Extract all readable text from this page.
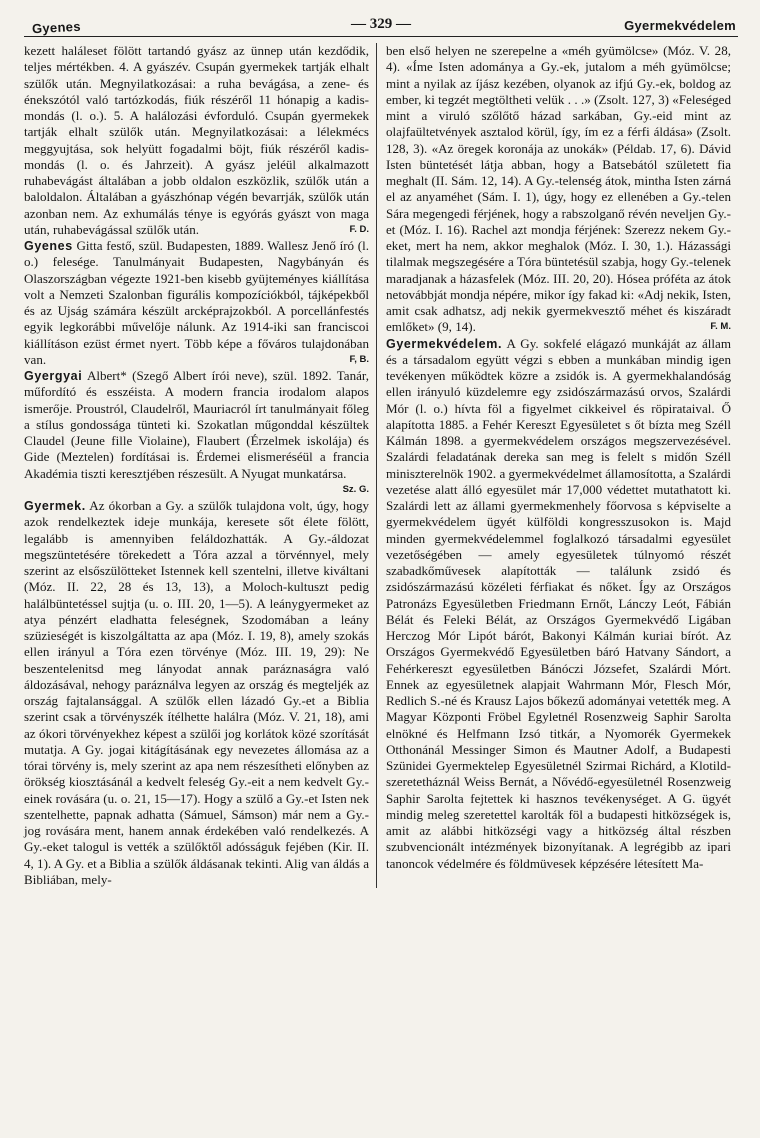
Gyenes	— 329 —	Gyermekvédelem

kezett haláleset fölött tartandó gyász az ünnep után kezdődik, teljes mértékben. 4. A gyászév. Csupán gyermekek tartják elhalt szülők után. Megnyilatkozásai: a ruha bevágása, a zene- és énekszótól való tartózkodás, fiúk részéről 11 hónapig a kadis-mondás (l. o.). 5. A halálozási évforduló. Csupán gyermekek tartják elhalt szülők után. Megnyilatkozásai: a lélekmécs meggyujtása, sok helyütt fogadalmi böjt, fiúk részéről kadis-mondás (l. o. és Jahrzeit). A gyász jeléül alkalmazott ruhabevágást általában a jobb oldalon eszközlik, szülők után a baloldalon. Általában a gyászhónap végén bevarrják, szülők után azonban nem. Az exhumálás ténye is egyórás gyászt von maga után, ruhabevágással szülők után.	F. D.

Gyenes Gitta festő, szül. Budapesten, 1889. Wallesz Jenő író (l. o.) felesége. Tanulmányait Budapesten, Nagybányán és Olaszországban végezte 1921-ben kisebb gyüjteményes kiállítása volt a Nemzeti Szalonban figurális kompozíciókból, tájképekből és az Ujság számára készült arcképrajzokból. A porcellánfestés egyik legkorábbi művelője nálunk. Az 1914-iki san franciscoi kiállításon ezüst érmet nyert. Több képe a főváros tulajdonában van.	F, B.

Gyergyai Albert* (Szegő Albert írói neve), szül. 1892. Tanár, műfordító és esszéista. A modern francia irodalom alapos ismerője. Proustról, Claudelről, Mauriacról írt tanulmányait főleg a stílus gondossága tünteti ki. Szokatlan műgonddal készültek Claudel (Jeune fille Violaine), Flaubert (Érzelmek iskolája) és Gide (Meztelen) fordításai is. Érdemei elismeréséül a francia Akadémia tiszti keresztjében részesült. A Nyugat munkatársa.
Sz. G.

Gyermek. Az ókorban a Gy. a szülők tulajdona volt, úgy, hogy azok rendelkeztek ideje munkája, keresete sőt élete fölött, legalább is amennyiben feláldozhatták. A Gy.-áldozat megszüntetésére törekedett a Tóra azzal a törvénnyel, mely szerint az elsőszülötteket Istennek kell szentelni, illetve kiváltani (Móz. II. 22, 28 és 13, 13), a Moloch-kultuszt pedig halálbüntetéssel sujtja (u. o. III. 20, 1—5). A leánygyermeket az atya pénzért eladhatta feleségnek, Szodomában a leány szüzieségét is kiszolgáltatta az apa (Móz. I. 19, 8), amely szokás ellen irányul a Tóra ezen törvénye (Móz. III. 19, 29): Ne beszentelenitsd meg lányodat annak paráznaságra való áldozásával, nehogy paráználva legyen az ország és megteljék az ország fajtalansággal. A szülők ellen lázadó Gy.-et a Biblia szerint csak a törvényszék ítélhette halálra (Móz. V. 21, 18), ami az ókori törvényekhez képest a szülői jog korlátok közé szorítását mutatja. A Gy. jogai kitágításának egy nevezetes állomása az a tórai törvény is, mely szerint az apa nem részesítheti előnyben az örökség kiosztásánál a kedvelt feleség Gy.-eit a nem kedvelt Gy.-einek rovására (u. o. 21, 15—17). Hogy a szülő a Gy.-et Isten nek szentelhette, papnak adhatta (Sámuel, Sámson) már nem a Gy.-jog rovására ment, hanem annak érdekében való rendelkezés. A Gy.-eket talogul is vették a szülőktől adósságuk fejében (Kir. II. 4, 1). A Gy. et a Biblia a szülők áldásanak tekinti. Alig van áldás a Bibliában, mely-

ben első helyen ne szerepelne a «méh gyümölcse» (Móz. V. 28, 4). «Íme Isten adománya a Gy.-ek, jutalom a méh gyümölcse; mint a nyilak az íjász kezében, olyanok az ifjú Gy.-ek, boldog az ember, ki tegzét megtöltheti velük . . .» (Zsolt. 127, 3) «Feleséged mint a viruló szőlőtő házad sarkában, Gy.-eid mint az olajfaültetvények asztalod körül, így, ím ez a férfi áldása» (Zsolt. 128, 3). «Az öregek koronája az unokák» (Példab. 17, 6). Dávid Isten büntetését látja abban, hogy a Batsebától született fia meghalt (II. Sám. 12, 14). A Gy.-telenség átok, mintha Isten zárná el az anyaméhet (Sám. I. 1), úgy, hogy ez ellenében a Gy.-telen Sára megengedi férjének, hogy a rabszolganő révén neveljen Gy.-et (Móz. I. 16). Rachel azt mondja férjének: Szerezz nekem Gy.-eket, mert ha nem, akkor meghalok (Móz. I. 30, 1.). Házassági tilalmak megszegésére a Tóra büntetésül szabja, hogy Gy.-telenek maradjanak a házasfelek (Móz. III. 20, 20). Hósea próféta az átok netovábbját mondja népére, mikor így fakad ki: «Adj nekik, Isten, amit csak adhatsz, adj nekik gyermekvesztő méhet és kiszáradt emlőket» (9, 14).	F. M.

Gyermekvédelem. A Gy. sokfelé elágazó munkáját az állam és a társadalom együtt végzi s ebben a munkában mindig igen tevékenyen működtek közre a zsidók is. A gyermekhalandóság ellen irányuló küzdelemre egy zsidószármazású orvos, Szalárdi Mór (l. o.) hívta föl a figyelmet cikkeivel és röpirataival. Ő alapította 1885. a Fehér Kereszt Egyesületet s őt bízta meg Széll Kálmán 1898. a gyermekvédelem országos megszervezésével. Szalárdi feladatának dereka san meg is felelt s midőn Széll miniszterelnök 1902. a gyermekvédelmet államosította, a Szalárdi vezetése alatt álló egyesület már 17,000 védettet mutathatott ki. Szalárdi lett az állami gyermekmenhely főorvosa s képviselte a gyermekvédelem ügyét külföldi kongresszusokon is. Majd minden gyermekvédelemmel foglalkozó társadalmi egyesület vezetőségében — amely egyesületek túlnyomó részét szabadkőművesek alapították — találunk zsidó és zsidószármazású közéleti férfiakat és nőket. Így az Országos Patronázs Egyesületben Friedmann Ernőt, Lánczy Leót, Fábián Bélát és Feleki Bélát, az Országos Gyermekvédő Ligában Herczog Mór Lipót bárót, Bakonyi Kálmán kuriai bírót. Az Országos Gyermekvédő Egyesületben báró Hatvany Sándort, a Fehérkereszt egyesületben Bánóczi Józsefet, Szalárdi Mórt. Ennek az egyesületnek alapjait Wahrmann Mór, Flesch Mór, Redlich S.-né és Krausz Lajos bőkezű adományai vetették meg. A Magyar Központi Fröbel Egyletnél Rosenzweig Saphir Sarolta elnökné és Helfmann Izsó titkár, a Nyomorék Gyermekek Otthonánál Messinger Simon és Mautner Adolf, a Budapesti Szünidei Gyermektelep Egyesületnél Szirmai Richárd, a Klotild-szeretetháznál Weiss Bernát, a Nővédő-egyesületnél Rosenzweig Saphir Sarolta fejtettek ki hasznos tevékenységet. A G. ügyét mindig meleg szeretettel karolták föl a budapesti hitközségek is, amit az alábbi hitközségi vagy a hitközség által részben szubvencionált intézmények bizonyítanak. A legrégibb az ipari tanoncok védelmére és földmüvesek képzésére létesített Ma-
